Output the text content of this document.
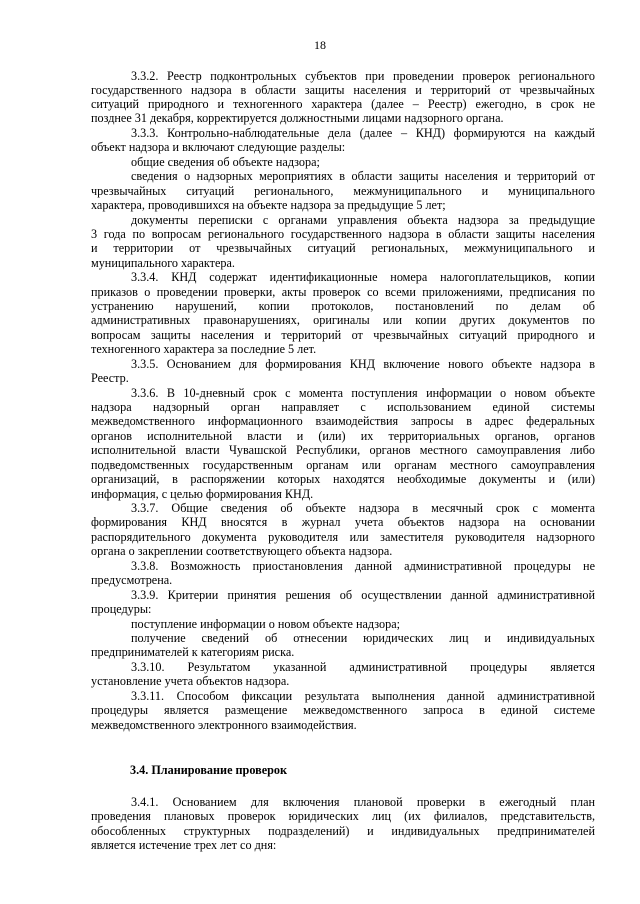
18
3.3.2. Реестр подконтрольных субъектов при проведении проверок регионального
государственного надзора в области защиты населения и территорий от чрезвычайных
ситуаций природного и техногенного характера (далее – Реестр) ежегодно, в срок не
позднее 31 декабря, корректируется должностными лицами надзорного органа.
3.3.3. Контрольно-наблюдательные дела (далее – КНД) формируются на каждый
объект надзора и включают следующие разделы:
общие сведения об объекте надзора;
сведения о надзорных мероприятиях в области защиты населения и территорий от
чрезвычайных ситуаций регионального, межмуниципального и муниципального
характера, проводившихся на объекте надзора за предыдущие 5 лет;
документы переписки с органами управления объекта надзора за предыдущие
3 года по вопросам регионального государственного надзора в области защиты населения
и территории от чрезвычайных ситуаций региональных, межмуниципального и
муниципального характера.
3.3.4. КНД содержат идентификационные номера налогоплательщиков, копии
приказов о проведении проверки, акты проверок со всеми приложениями, предписания по
устранению нарушений, копии протоколов, постановлений по делам об
административных правонарушениях, оригиналы или копии других документов по
вопросам защиты населения и территорий от чрезвычайных ситуаций природного и
техногенного характера за последние 5 лет.
3.3.5. Основанием для формирования КНД включение нового объекте надзора в
Реестр.
3.3.6. В 10-дневный срок с момента поступления информации о новом объекте
надзора надзорный орган направляет с использованием единой системы
межведомственного информационного взаимодействия запросы в адрес федеральных
органов исполнительной власти и (или) их территориальных органов, органов
исполнительной власти Чувашской Республики, органов местного самоуправления либо
подведомственных государственным органам или органам местного самоуправления
организаций, в распоряжении которых находятся необходимые документы и (или)
информация, с целью формирования КНД.
3.3.7. Общие сведения об объекте надзора в месячный срок с момента
формирования КНД вносятся в журнал учета объектов надзора на основании
распорядительного документа руководителя или заместителя руководителя надзорного
органа о закреплении соответствующего объекта надзора.
3.3.8. Возможность приостановления данной административной процедуры не
предусмотрена.
3.3.9. Критерии принятия решения об осуществлении данной административной
процедуры:
поступление информации о новом объекте надзора;
получение сведений об отнесении юридических лиц и индивидуальных
предпринимателей к категориям риска.
3.3.10. Результатом указанной административной процедуры является
установление учета объектов надзора.
3.3.11. Способом фиксации результата выполнения данной административной
процедуры является размещение межведомственного запроса в единой системе
межведомственного электронного взаимодействия.
3.4. Планирование проверок
3.4.1. Основанием для включения плановой проверки в ежегодный план
проведения плановых проверок юридических лиц (их филиалов, представительств,
обособленных структурных подразделений) и индивидуальных предпринимателей
является истечение трех лет со дня:
